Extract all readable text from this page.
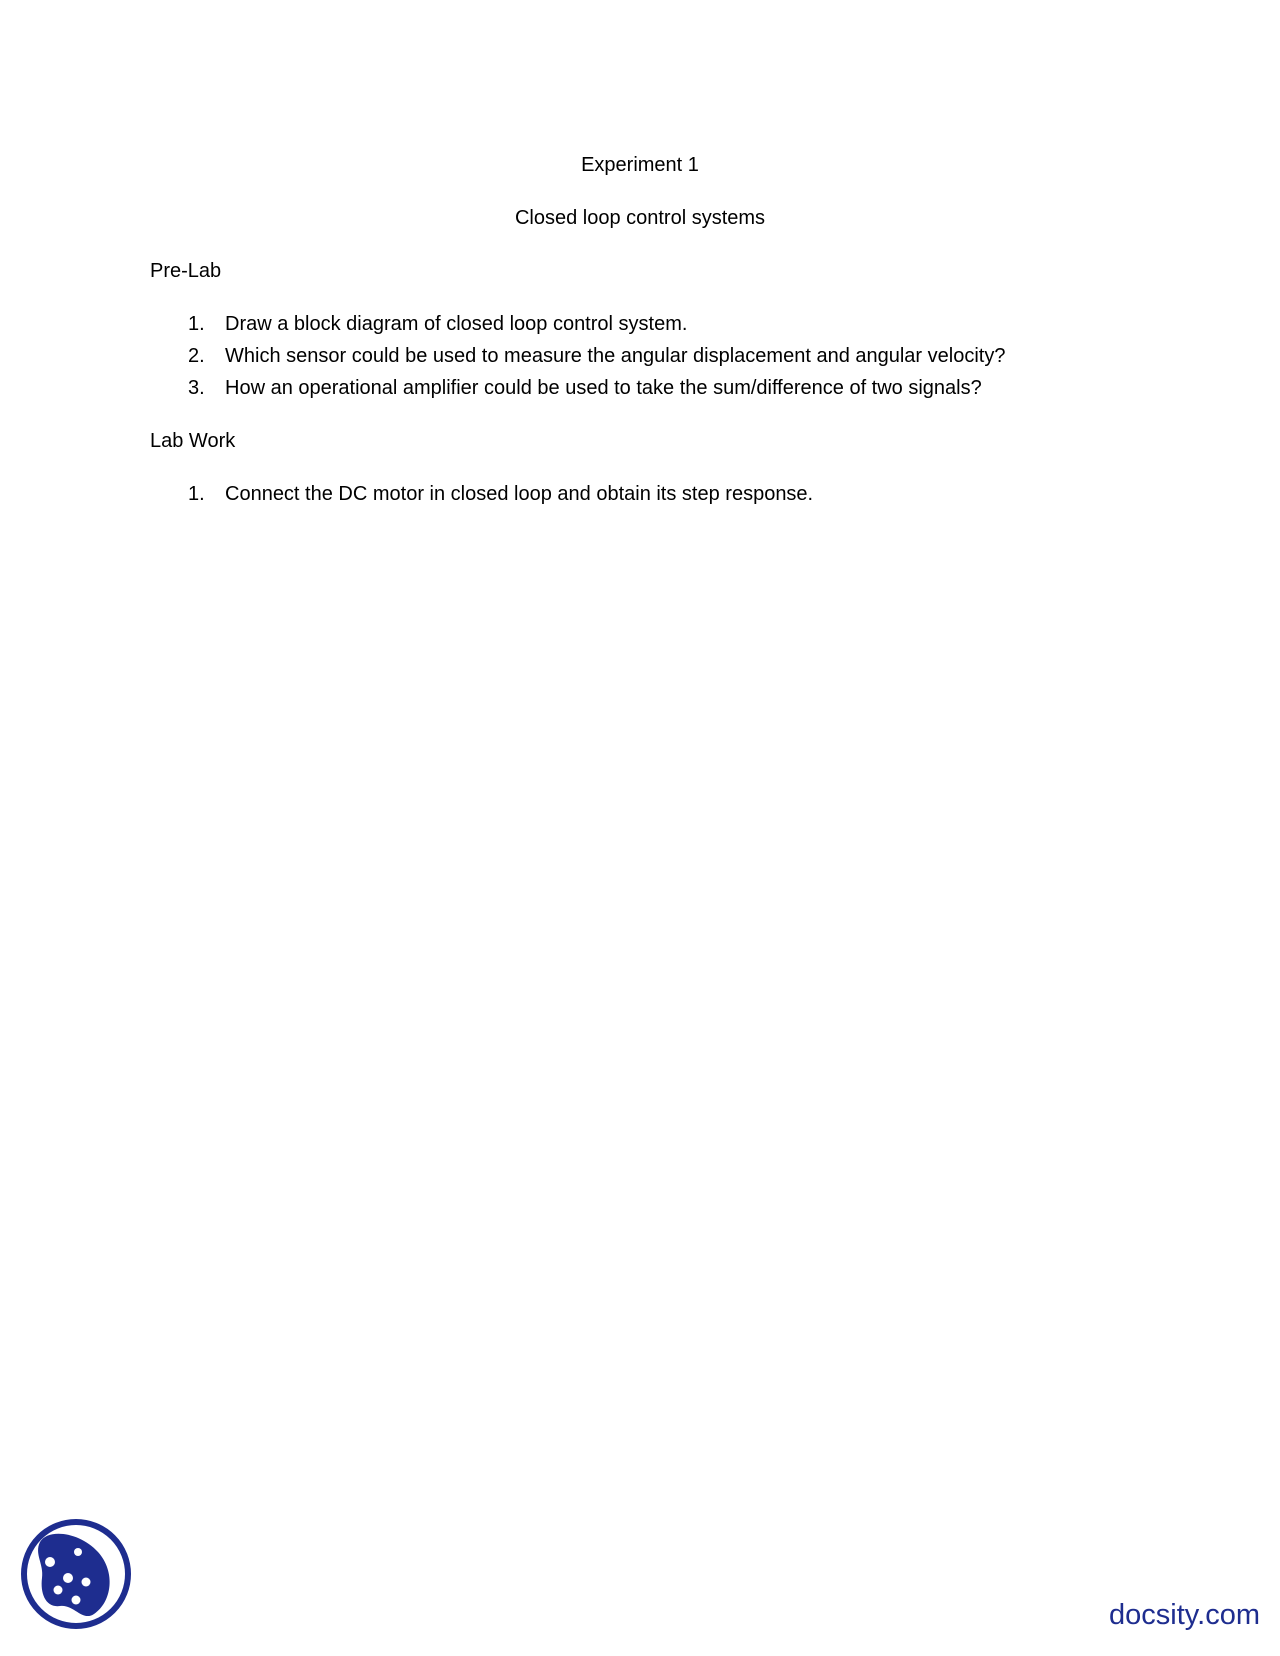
Experiment 1
Closed loop control systems
Pre-Lab
1. Draw a block diagram of closed loop control system.
2. Which sensor could be used to measure the angular displacement and angular velocity?
3. How an operational amplifier could be used to take the sum/difference of two signals?
Lab Work
1. Connect the DC motor in closed loop and obtain its step response.
docsity.com
